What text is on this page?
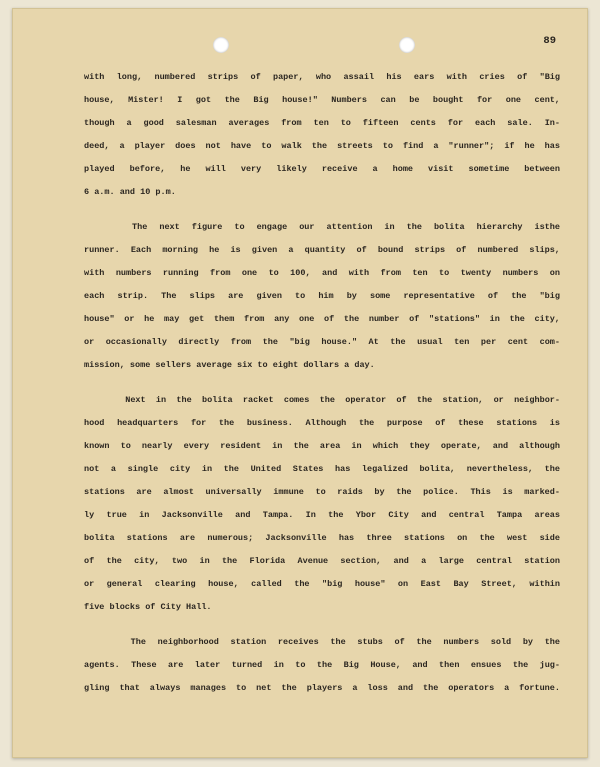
89
with long, numbered strips of paper, who assail his ears with cries of "Big
house, Mister! I got the Big house!" Numbers can be bought for one cent,
though a good salesman averages from ten to fifteen cents for each sale. In-
deed, a player does not have to walk the streets to find a "runner"; if he has
played before, he will very likely receive a home visit sometime between
6 a.m. and 10 p.m.
The next figure to engage our attention in the bolita hierarchy isthe
runner. Each morning he is given a quantity of bound strips of numbered slips,
with numbers running from one to 100, and with from ten to twenty numbers on
each strip. The slips are given to him by some representative of the "big
house" or he may get them from any one of the number of "stations" in the city,
or occasionally directly from the "big house." At the usual ten per cent com-
mission, some sellers average six to eight dollars a day.
Next in the bolita racket comes the operator of the station, or neighbor-
hood headquarters for the business. Although the purpose of these stations is
known to nearly every resident in the area in which they operate, and although
not a single city in the United States has legalized bolita, nevertheless, the
stations are almost universally immune to raids by the police. This is marked-
ly true in Jacksonville and Tampa. In the Ybor City and central Tampa areas
bolita stations are numerous; Jacksonville has three stations on the west side
of the city, two in the Florida Avenue section, and a large central station
or general clearing house, called the "big house" on East Bay Street, within
five blocks of City Hall.
The neighborhood station receives the stubs of the numbers sold by the
agents. These are later turned in to the Big House, and then ensues the jug-
gling that always manages to net the players a loss and the operators a fortune.
